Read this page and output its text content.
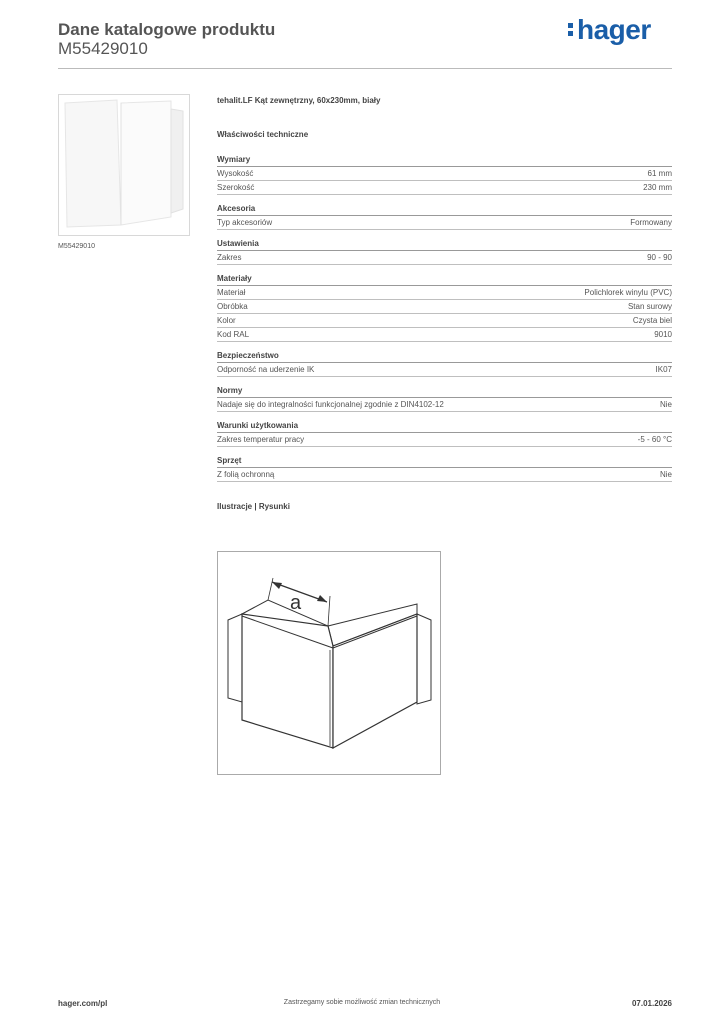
Dane katalogowe produktu
M55429010
hager
M55429010
tehalit.LF Kąt zewnętrzny, 60x230mm, biały
Właściwości techniczne
Wymiary
Wysokość	61 mm
Szerokość	230 mm
Akcesoria
Typ akcesoriów	Formowany
Ustawienia
Zakres	90 - 90
Materiały
Materiał	Polichlorek winylu (PVC)
Obróbka	Stan surowy
Kolor	Czysta biel
Kod RAL	9010
Bezpieczeństwo
Odporność na uderzenie IK	IK07
Normy
Nadaje się do integralności funkcjonalnej zgodnie z DIN4102-12	Nie
Warunki użytkowania
Zakres temperatur pracy	-5 - 60 °C
Sprzęt
Z folią ochronną	Nie
Ilustracje | Rysunki
a
hager.com/pl	Zastrzegamy sobie możliwość zmian technicznych	07.01.2026
